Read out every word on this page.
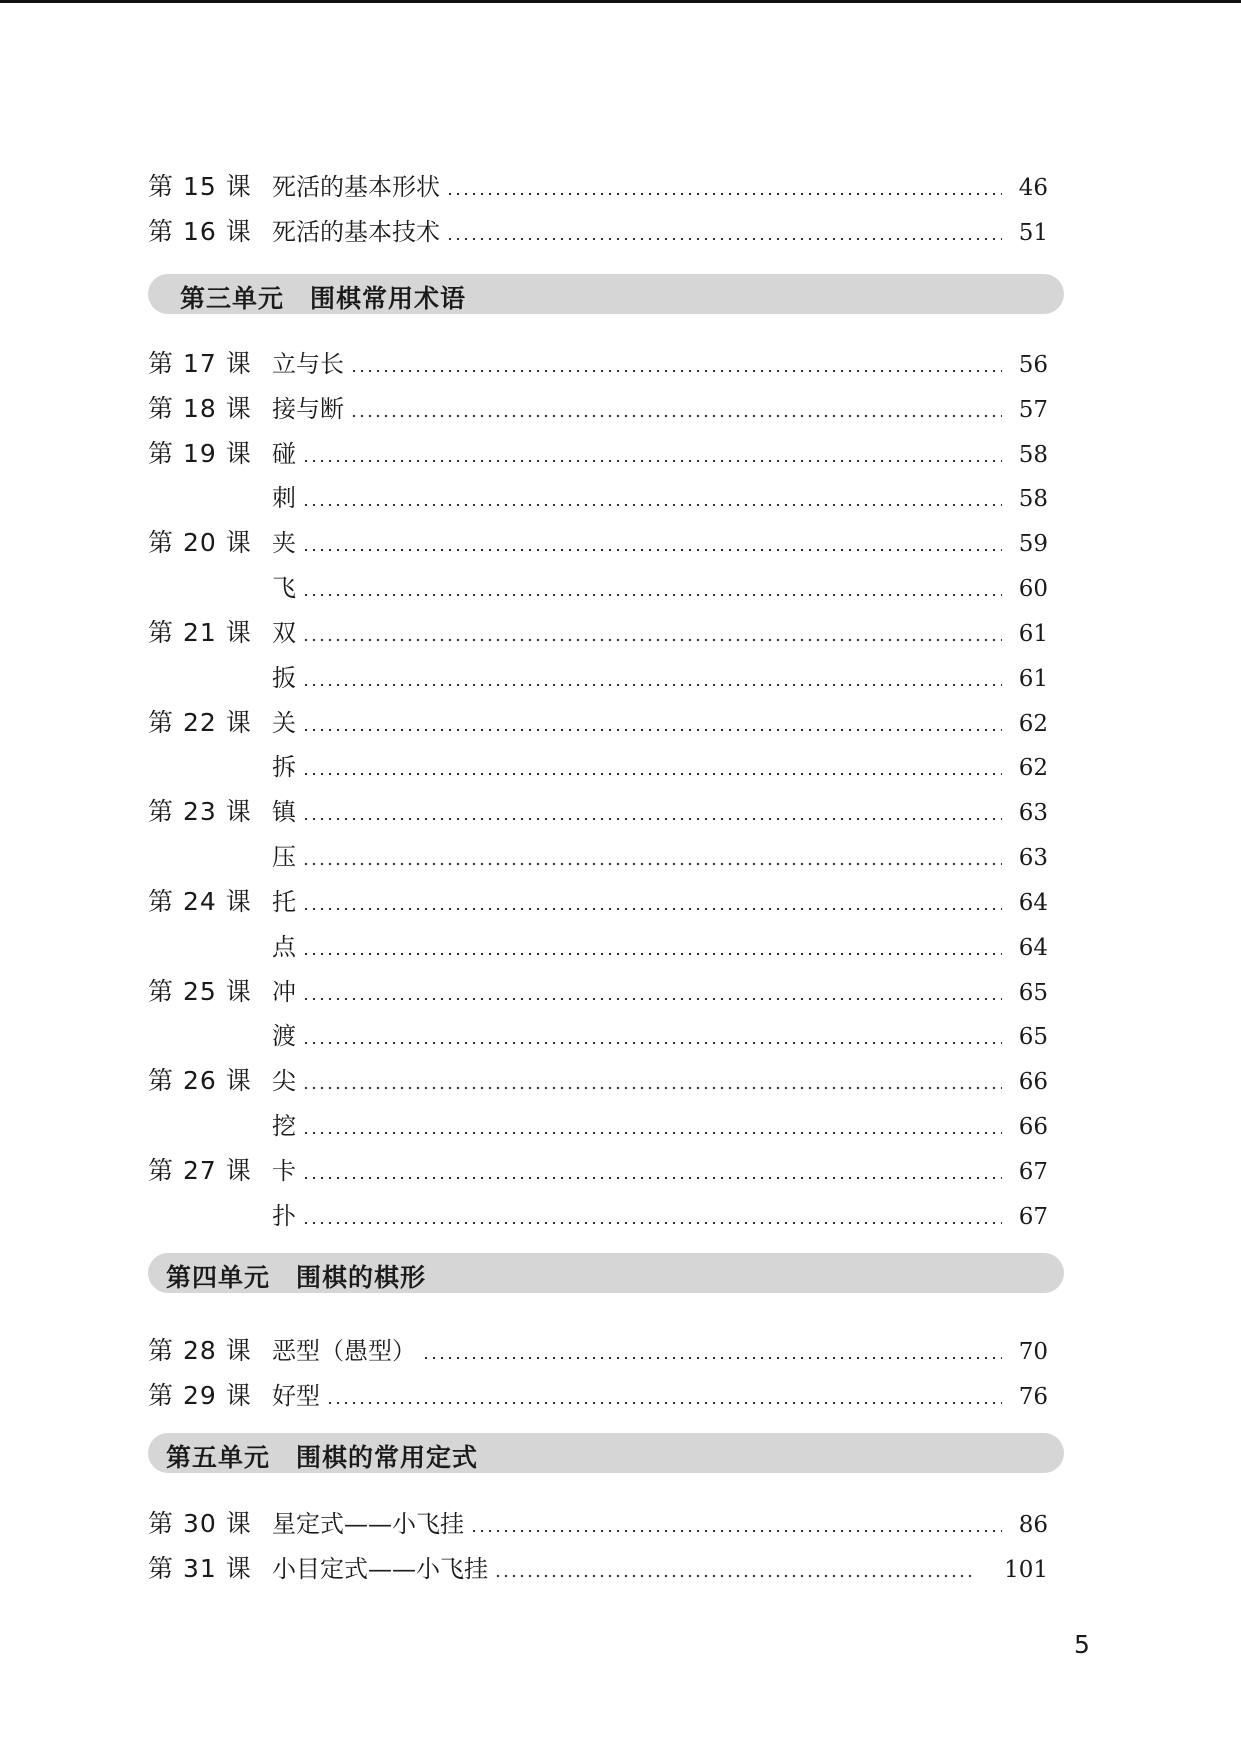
第 15 课 死活的基本形状	46
第 16 课 死活的基本技术	51
第三单元 围棋常用术语
第 17 课 立与长	56
第 18 课 接与断	57
第 19 课 碰	58
刺	58
第 20 课 夹	59
飞	60
第 21 课 双	61
扳	61
第 22 课 关	62
拆	62
第 23 课 镇	63
压	63
第 24 课 托	64
点	64
第 25 课 冲	65
渡	65
第 26 课 尖	66
挖	66
第 27 课 卡	67
扑	67
第四单元 围棋的棋形
第 28 课 恶型（愚型）	70
第 29 课 好型	76
第五单元 围棋的常用定式
第 30 课 星定式——小飞挂	86
第 31 课 小目定式——小飞挂	101
5
